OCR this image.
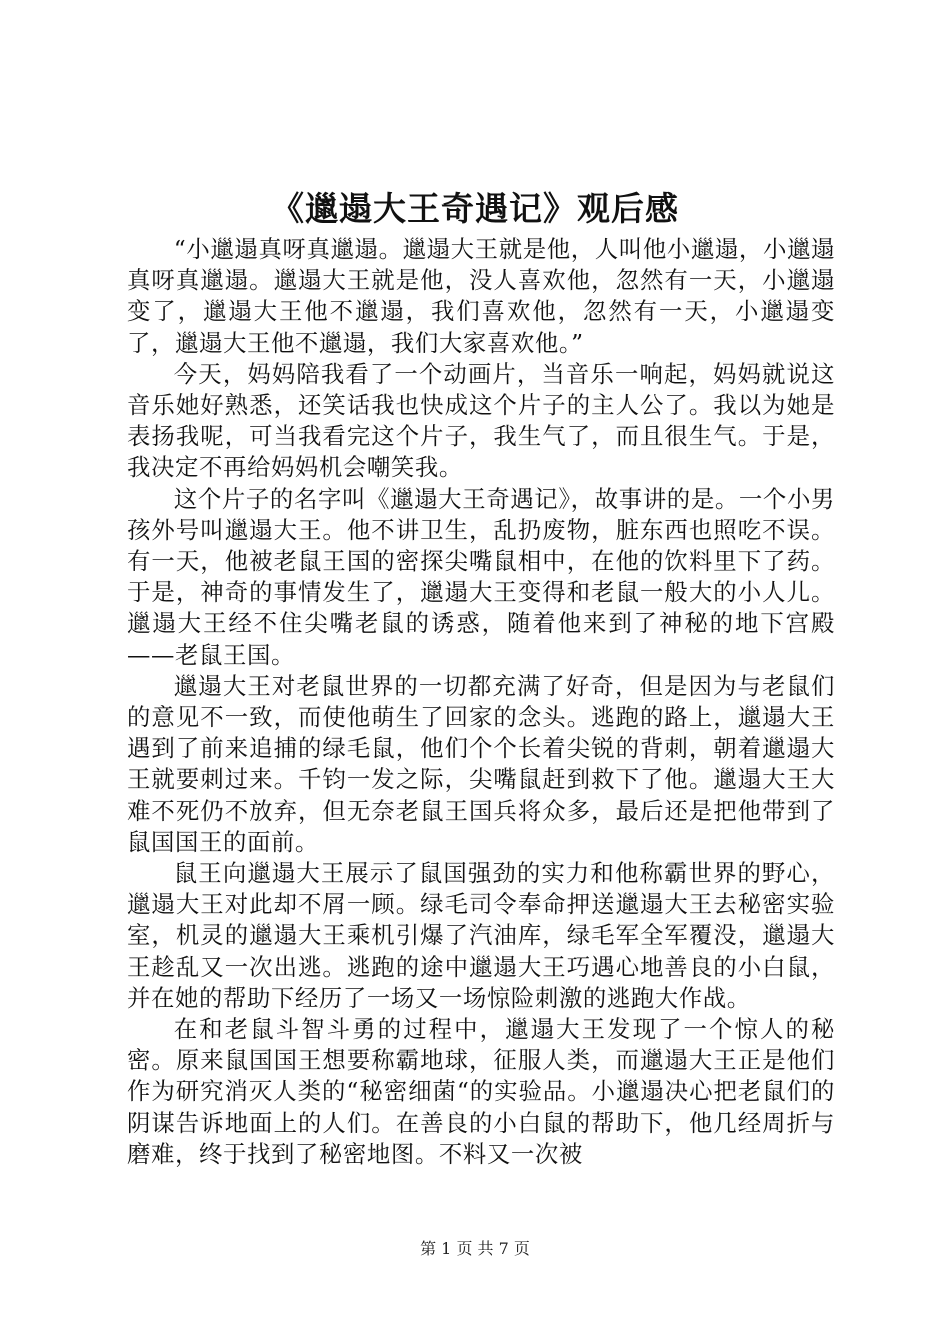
《邋遢大王奇遇记》观后感

“小邋遢真呀真邋遢。邋遢大王就是他，人叫他小邋遢，小邋遢真呀真邋遢。邋遢大王就是他，没人喜欢他，忽然有一天，小邋遢变了，邋遢大王他不邋遢，我们喜欢他，忽然有一天，小邋遢变了，邋遢大王他不邋遢，我们大家喜欢他。”

今天，妈妈陪我看了一个动画片，当音乐一响起，妈妈就说这音乐她好熟悉，还笑话我也快成这个片子的主人公了。我以为她是表扬我呢，可当我看完这个片子，我生气了，而且很生气。于是，我决定不再给妈妈机会嘲笑我。

这个片子的名字叫《邋遢大王奇遇记》，故事讲的是。一个小男孩外号叫邋遢大王。他不讲卫生，乱扔废物，脏东西也照吃不误。有一天，他被老鼠王国的密探尖嘴鼠相中，在他的饮料里下了药。于是，神奇的事情发生了，邋遢大王变得和老鼠一般大的小人儿。邋遢大王经不住尖嘴老鼠的诱惑，随着他来到了神秘的地下宫殿——老鼠王国。

邋遢大王对老鼠世界的一切都充满了好奇，但是因为与老鼠们的意见不一致，而使他萌生了回家的念头。逃跑的路上，邋遢大王遇到了前来追捕的绿毛鼠，他们个个长着尖锐的背刺，朝着邋遢大王就要刺过来。千钧一发之际，尖嘴鼠赶到救下了他。邋遢大王大难不死仍不放弃，但无奈老鼠王国兵将众多，最后还是把他带到了鼠国国王的面前。

鼠王向邋遢大王展示了鼠国强劲的实力和他称霸世界的野心，邋遢大王对此却不屑一顾。绿毛司令奉命押送邋遢大王去秘密实验室，机灵的邋遢大王乘机引爆了汽油库，绿毛军全军覆没，邋遢大王趁乱又一次出逃。逃跑的途中邋遢大王巧遇心地善良的小白鼠，并在她的帮助下经历了一场又一场惊险刺激的逃跑大作战。

在和老鼠斗智斗勇的过程中，邋遢大王发现了一个惊人的秘密。原来鼠国国王想要称霸地球，征服人类，而邋遢大王正是他们作为研究消灭人类的“秘密细菌“的实验品。小邋遢决心把老鼠们的阴谋告诉地面上的人们。在善良的小白鼠的帮助下，他几经周折与磨难，终于找到了秘密地图。不料又一次被

第 1 页 共 7 页
